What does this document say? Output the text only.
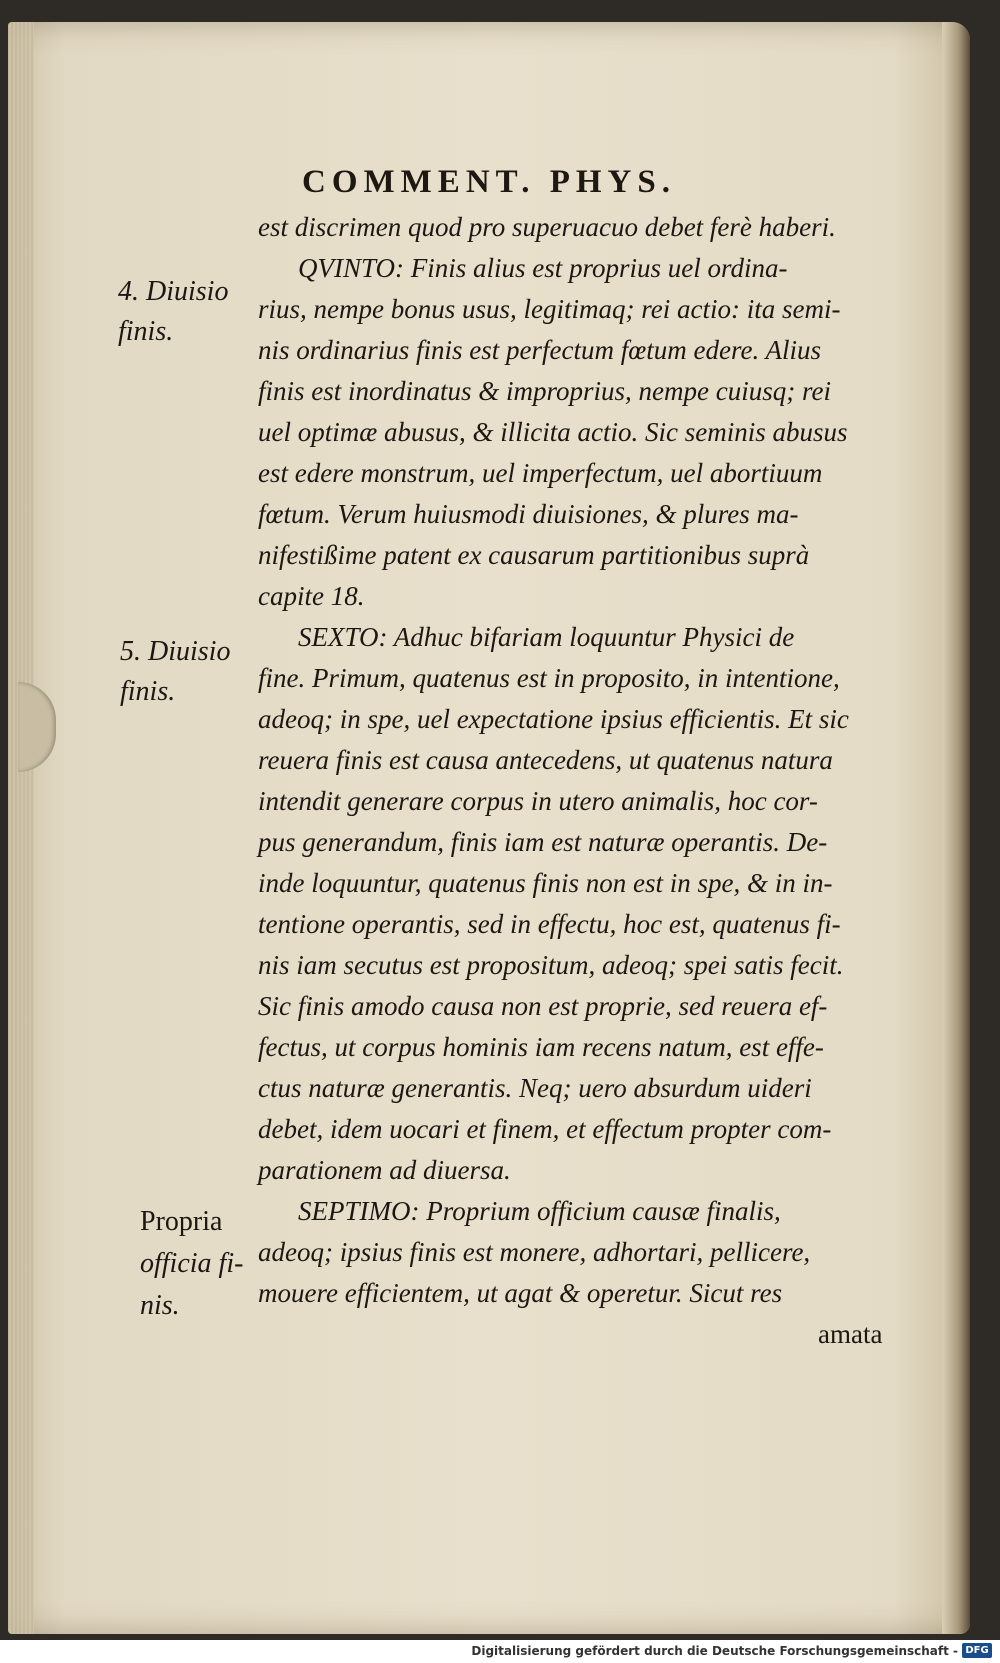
COMMENT. PHYS.
4. Diuisio
finis.
5. Diuisio
finis.
Propria
officia fi-
nis.
est discrimen quod pro superuacuo debet ferè haberi.
QVINTO: Finis alius est proprius uel ordina-
rius, nempe bonus usus, legitimaq; rei actio: ita semi-
nis ordinarius finis est perfectum fœtum edere. Alius
finis est inordinatus & improprius, nempe cuiusq; rei
uel optimæ abusus, & illicita actio. Sic seminis abusus
est edere monstrum, uel imperfectum, uel abortiuum
fœtum. Verum huiusmodi diuisiones, & plures ma-
nifestißime patent ex causarum partitionibus suprà
capite 18.
SEXTO: Adhuc bifariam loquuntur Physici de
fine. Primum, quatenus est in proposito, in intentione,
adeoq; in spe, uel expectatione ipsius efficientis. Et sic
reuera finis est causa antecedens, ut quatenus natura
intendit generare corpus in utero animalis, hoc cor-
pus generandum, finis iam est naturæ operantis. De-
inde loquuntur, quatenus finis non est in spe, & in in-
tentione operantis, sed in effectu, hoc est, quatenus fi-
nis iam secutus est propositum, adeoq; spei satis fecit.
Sic finis amodo causa non est proprie, sed reuera ef-
fectus, ut corpus hominis iam recens natum, est effe-
ctus naturæ generantis. Neq; uero absurdum uideri
debet, idem uocari et finem, et effectum propter com-
parationem ad diuersa.
SEPTIMO: Proprium officium causæ finalis,
adeoq; ipsius finis est monere, adhortari, pellicere,
mouere efficientem, ut agat & operetur. Sicut res
amata
Digitalisierung gefördert durch die Deutsche Forschungsgemeinschaft - DFG
